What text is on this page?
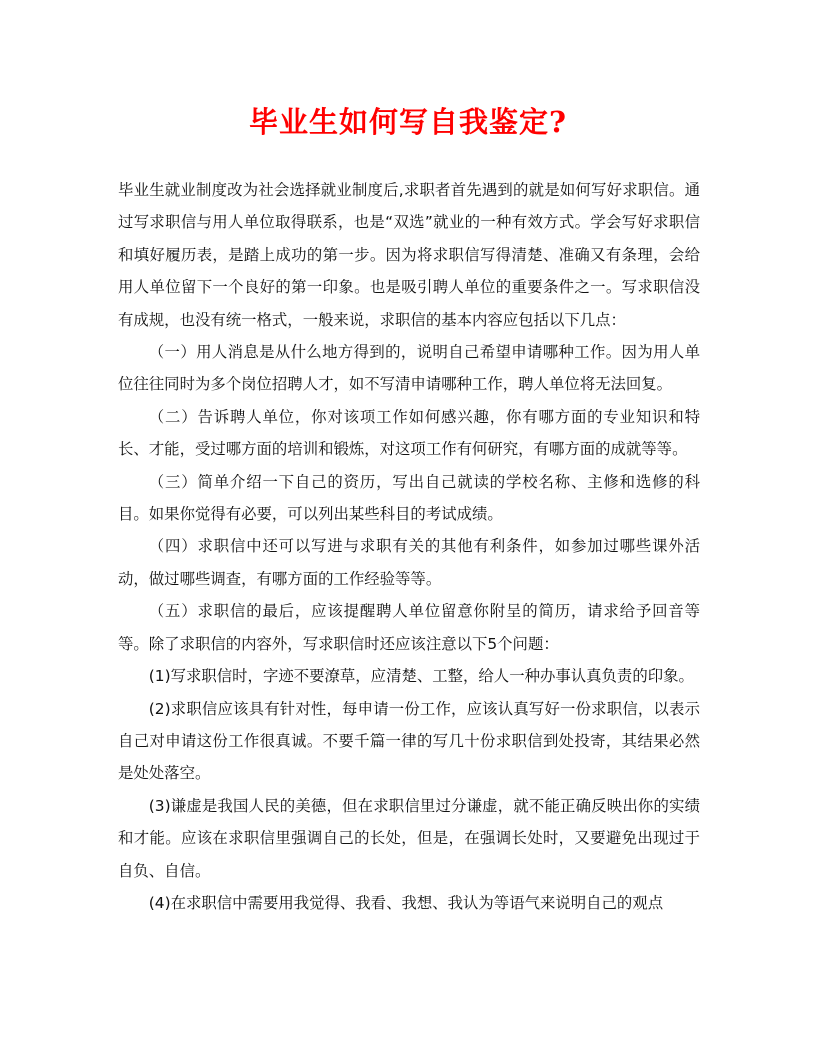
毕业生如何写自我鉴定?

毕业生就业制度改为社会选择就业制度后,求职者首先遇到的就是如何写好求职信。通过写求职信与用人单位取得联系，也是“双选”就业的一种有效方式。学会写好求职信和填好履历表，是踏上成功的第一步。因为将求职信写得清楚、准确又有条理，会给用人单位留下一个良好的第一印象。也是吸引聘人单位的重要条件之一。写求职信没有成规，也没有统一格式，一般来说，求职信的基本内容应包括以下几点：

（一）用人消息是从什么地方得到的，说明自己希望申请哪种工作。因为用人单位往往同时为多个岗位招聘人才，如不写清申请哪种工作，聘人单位将无法回复。

（二）告诉聘人单位，你对该项工作如何感兴趣，你有哪方面的专业知识和特长、才能，受过哪方面的培训和锻炼，对这项工作有何研究，有哪方面的成就等等。

（三）简单介绍一下自己的资历，写出自己就读的学校名称、主修和选修的科目。如果你觉得有必要，可以列出某些科目的考试成绩。

（四）求职信中还可以写进与求职有关的其他有利条件，如参加过哪些课外活动，做过哪些调查，有哪方面的工作经验等等。

（五）求职信的最后，应该提醒聘人单位留意你附呈的简历，请求给予回音等等。除了求职信的内容外，写求职信时还应该注意以下5个问题：

(1)写求职信时，字迹不要潦草，应清楚、工整，给人一种办事认真负责的印象。

(2)求职信应该具有针对性，每申请一份工作，应该认真写好一份求职信，以表示自己对申请这份工作很真诚。不要千篇一律的写几十份求职信到处投寄，其结果必然是处处落空。

(3)谦虚是我国人民的美德，但在求职信里过分谦虚，就不能正确反映出你的实绩和才能。应该在求职信里强调自己的长处，但是，在强调长处时，又要避免出现过于自负、自信。

(4)在求职信中需要用我觉得、我看、我想、我认为等语气来说明自己的观点
